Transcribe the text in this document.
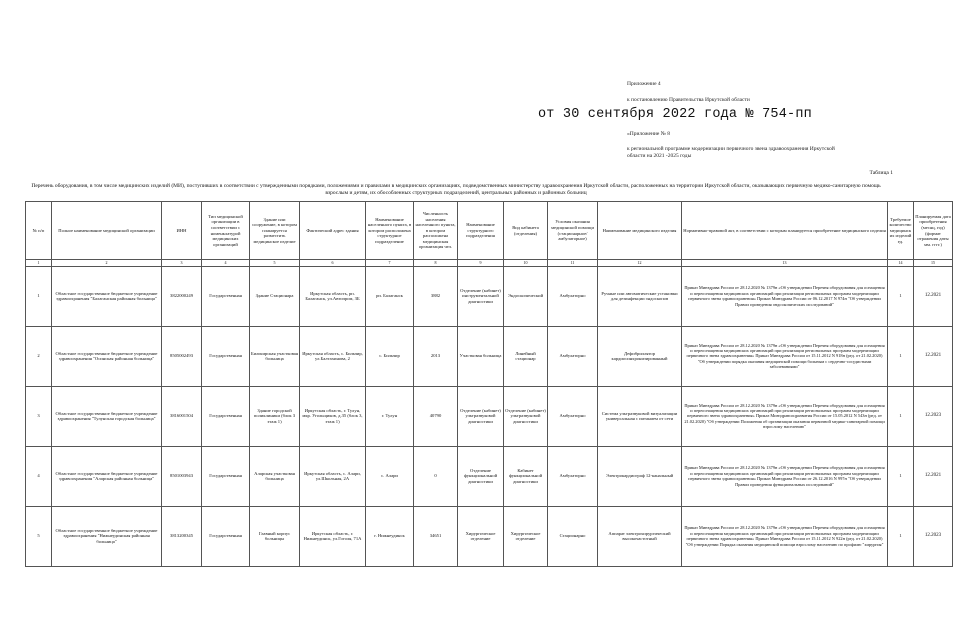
Приложение 4
к постановлению Правительства Иркутской области
от 30 сентября 2022 года № 754-пп
«Приложение № 8
к региональной программе модернизации первичного звена здравоохранения Иркутской области на 2021 -2025 годы
Таблица 1
Перечень оборудования, в том числе медицинских изделий (МИ), поступивших в соответствии с утвержденными порядками, положениями и правилами в медицинских организациях, подведомственных министерству здравоохранения Иркутской области, расположенных на территории Иркутской области, оказывающих первичную медико-санитарную помощь взрослым и детям, их обособленных структурных подразделений, центральных районных и районных больниц
№ п/п	Полное наименование медицинской организации	ИНН	Тип медицинской организации в соответствии с номенклатурой медицинских организаций	Здание или сооружение, в котором планируется разместить медицинское изделие	Фактический адрес здания	Наименование населенного пункта, в котором расположена структурное подразделение	Численность населения населенного пункта, в котором расположена медицинская организация чел.	Наименование структурного подразделения	Вид кабинета (отделения)	Условия оказания медицинской помощи (стационарное/амбулаторное)	Наименование медицинского изделия	Нормативно-правовой акт, в соответствии с которым планируется приобретение медицинского изделия	Требуемое количество медицинских изделий ед.	Планируемая дата приобретения (месяц, год) (формат отражения даты мм. гггг.)
1	2	3	4	5	6	7	8	9	10	11	12	13	14	15
1	Областное государственное бюджетное учреждение здравоохранения "Балаганская районная больница"	3822000249	Государственная	Здание Стационара	Иркутская область, рп. Балаганск, ул.Автопром, 3Б	рп. Балаганск	3882	Отделение (кабинет) инструментальной диагностики	Эндоскопический	Амбулаторно	Ручные или автоматические установки для дезинфекции эндоскопов	Приказ Минздрава России от 28.12.2020 № 1379н «Об утверждении Перечня оборудования для оснащения и переоснащения медицинских организаций при реализации региональных программ модернизации первичного звена здравоохранения» Приказ Минздрава России от 06.12.2017 N 974н "Об утверждении Правил проведения эндоскопических исследований"	1	12.2021
2	Областное государственное бюджетное учреждение здравоохранения "Осинская районная больница"	8505002493	Государственная	Бильчирская участковая больница	Иркутская область, с. Бильчир, ул.Балтахинова, 2	с. Бильчир	2013	Участковая больница	Линейный стационар	Амбулаторно	Дефибриллятор кардиосинхронизированный	Приказ Минздрава России от 28.12.2020 № 1379н «Об утверждении Перечня оборудования для оснащения и переоснащения медицинских организаций при реализации региональных программ модернизации первичного звена здравоохранения» Приказ Минздрава России от 15.11.2012 N 918н (ред. от 21.02.2020) "Об утверждении порядка оказания медицинской помощи больным с сердечно-сосудистыми заболеваниями"	1	12.2021
3	Областное государственное бюджетное учреждение здравоохранения "Тулунская городская больница"	3816001504	Государственная	Здание городской поликлиники (блок 3 этаж 1)	Иркутская область, г. Тулун, мкр. Угольщиков, д.35 (блок 3, этаж 1)	г. Тулун	40790	Отделение (кабинет) ультразвуковой диагностики	Отделение (кабинет) ультразвуковой диагностики	Амбулаторно	Система ультразвуковой визуализации универсальная с питанием от сети	Приказ Минздрава России от 28.12.2020 № 1379н «Об утверждении Перечня оборудования для оснащения и переоснащения медицинских организаций при реализации региональных программ модернизации первичного звена здравоохранения» Приказ Минздравсоцразвития России от 15.05.2012 N 543н (ред. от 21.02.2020) "Об утверждении Положения об организации оказания первичной медико-санитарной помощи взрослому населению"	1	12.2023
4	Областное государственное бюджетное учреждение здравоохранения "Аларская районная больница"	8501003943	Государственная	Аларская участковая больница	Иркутская область, с. Алари, ул.Школьная, 2А	с. Алари	0	Отделение функциональной диагностики	Кабинет функциональной диагностики	Амбулаторно	Электрокардиограф 12-канальный	Приказ Минздрава России от 28.12.2020 № 1379н «Об утверждении Перечня оборудования для оснащения и переоснащения медицинских организаций при реализации региональных программ модернизации первичного звена здравоохранения» Приказ Минздрава России от 26.12.2016 N 997н "Об утверждении Правил проведения функциональных исследований"	1	12.2021
5	Областное государственное бюджетное учреждение здравоохранения "Нижнеудинская районная больница"	3813200345	Государственная	Главный корпус больницы	Иркутская область, г. Нижнеудинск, ул.Гоголя, 71А	г. Нижнеудинск	34651	Хирургическое отделение	Хирургическое отделение	Стационарно	Аппарат электрохирургический высокочастотный	Приказ Минздрава России от 28.12.2020 № 1379н «Об утверждении Перечня оборудования для оснащения и переоснащения медицинских организаций при реализации региональных программ модернизации первичного звена здравоохранения» Приказ Минздрава России от 15.11.2012 N 922н (ред. от 21.02.2020) "Об утверждении Порядка оказания медицинской помощи взрослому населению по профилю "хирургия"	1	12.2023
